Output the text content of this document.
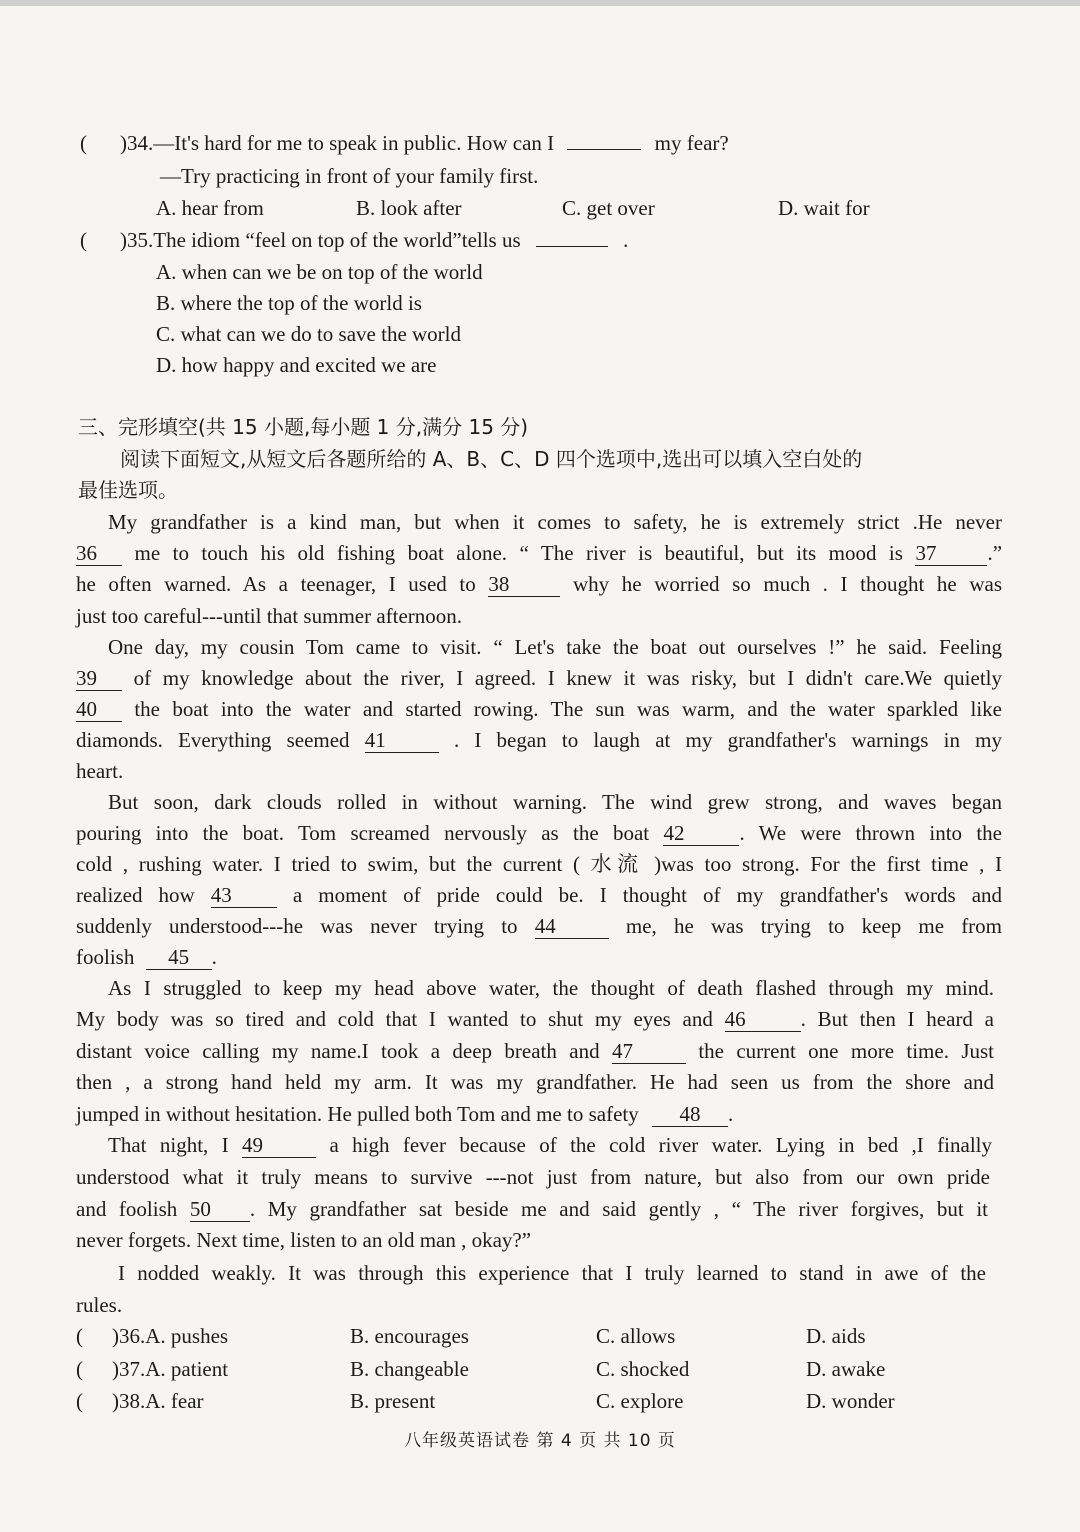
( )34.—It's hard for me to speak in public. How can I	my fear?
—Try practicing in front of your family first.
A. hear from	B. look after	C. get over	D. wait for
( )35.The idiom “feel on top of the world”tells us	.
A. when can we be on top of the world
B. where the top of the world is
C. what can we do to save the world
D. how happy and excited we are
三、完形填空(共 15 小题,每小题 1 分,满分 15 分)
阅读下面短文,从短文后各题所给的 A、B、C、D 四个选项中,选出可以填入空白处的
最佳选项。
My grandfather is a kind man, but when it comes to safety, he is extremely strict .He never
36 me to touch his old fishing boat alone. “ The river is beautiful, but its mood is 37 .”
he often warned. As a teenager, I used to 38	why he worried so much . I thought he was
just too careful---until that summer afternoon.
One day, my cousin Tom came to visit. “ Let's take the boat out ourselves !” he said. Feeling
39 of my knowledge about the river, I agreed. I knew it was risky, but I didn't care.We quietly
40 the boat into the water and started rowing. The sun was warm, and the water sparkled like
diamonds. Everything seemed 41	. I began to laugh at my grandfather's warnings in my
heart.
But soon, dark clouds rolled in without warning. The wind grew strong, and waves began
pouring into the boat. Tom screamed nervously as the boat 42	. We were thrown into the
cold , rushing water. I tried to swim, but the current ( 水流 )was too strong. For the first time , I
realized how 43	a moment of pride could be. I thought of my grandfather's words and
suddenly understood---he was never trying to 44	me, he was trying to keep me from
foolish 45 .
As I struggled to keep my head above water, the thought of death flashed through my mind.
My body was so tired and cold that I wanted to shut my eyes and 46	. But then I heard a
distant voice calling my name.I took a deep breath and 47	the current one more time. Just
then , a strong hand held my arm. It was my grandfather. He had seen us from the shore and
jumped in without hesitation. He pulled both Tom and me to safety 48 .
That night, I 49	a high fever because of the cold river water. Lying in bed ,I finally
understood what it truly means to survive ---not just from nature, but also from our own pride
and foolish 50 . My grandfather sat beside me and said gently , “ The river forgives, but it
never forgets. Next time, listen to an old man , okay?”
I nodded weakly. It was through this experience that I truly learned to stand in awe of the
rules.
( )36.A. pushes	B. encourages	C. allows	D. aids
( )37.A. patient	B. changeable	C. shocked	D. awake
( )38.A. fear	B. present	C. explore	D. wonder
八年级英语试卷 第 4 页 共 10 页
